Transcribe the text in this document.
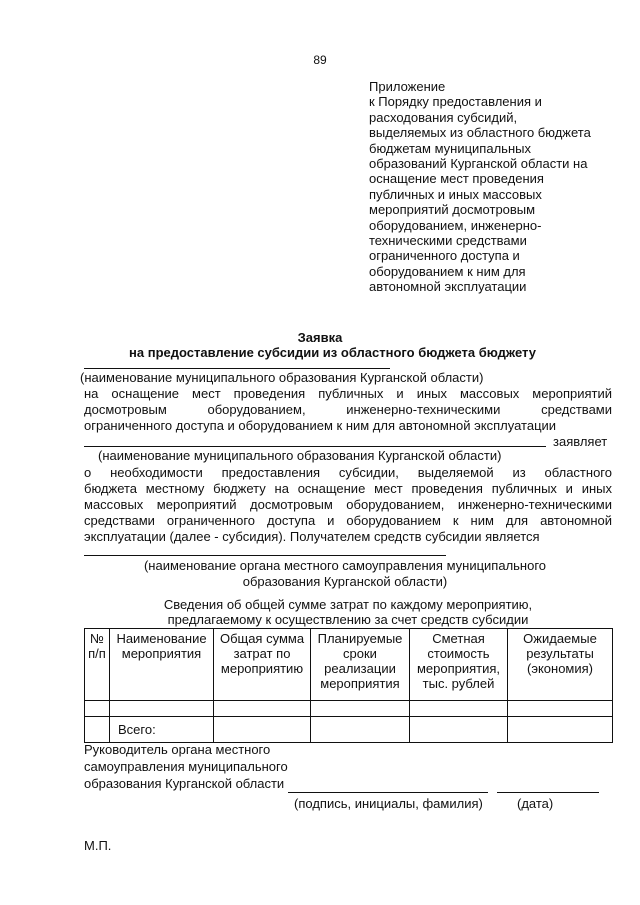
89
Приложение
к Порядку предоставления и
расходования субсидий,
выделяемых из областного бюджета
бюджетам муниципальных
образований Курганской области на
оснащение мест проведения
публичных и иных массовых
мероприятий досмотровым
оборудованием, инженерно-
техническими средствами
ограниченного доступа и
оборудованием к ним для
автономной эксплуатации
Заявка
на предоставление субсидии из областного бюджета бюджету
(наименование муниципального образования Курганской области)
на оснащение мест проведения публичных и иных массовых мероприятий
досмотровым оборудованием, инженерно-техническими средствами
ограниченного доступа и оборудованием к ним для автономной эксплуатации
заявляет
(наименование муниципального образования Курганской области)
о необходимости предоставления субсидии, выделяемой из областного
бюджета местному бюджету на оснащение мест проведения публичных и иных
массовых мероприятий досмотровым оборудованием, инженерно-техническими
средствами ограниченного доступа и оборудованием к ним для автономной
эксплуатации (далее - субсидия). Получателем средств субсидии является
(наименование органа местного самоуправления муниципального
образования Курганской области)
Сведения об общей сумме затрат по каждому мероприятию,
предлагаемому к осуществлению за счет средств субсидии
№ п/п	Наименование мероприятия	Общая сумма затрат по мероприятию	Планируемые сроки реализации мероприятия	Сметная стоимость мероприятия, тыс. рублей	Ожидаемые результаты (экономия)

	Всего:				
Руководитель органа местного
самоуправления муниципального
образования Курганской области
(подпись, инициалы, фамилия)	(дата)
М.П.
